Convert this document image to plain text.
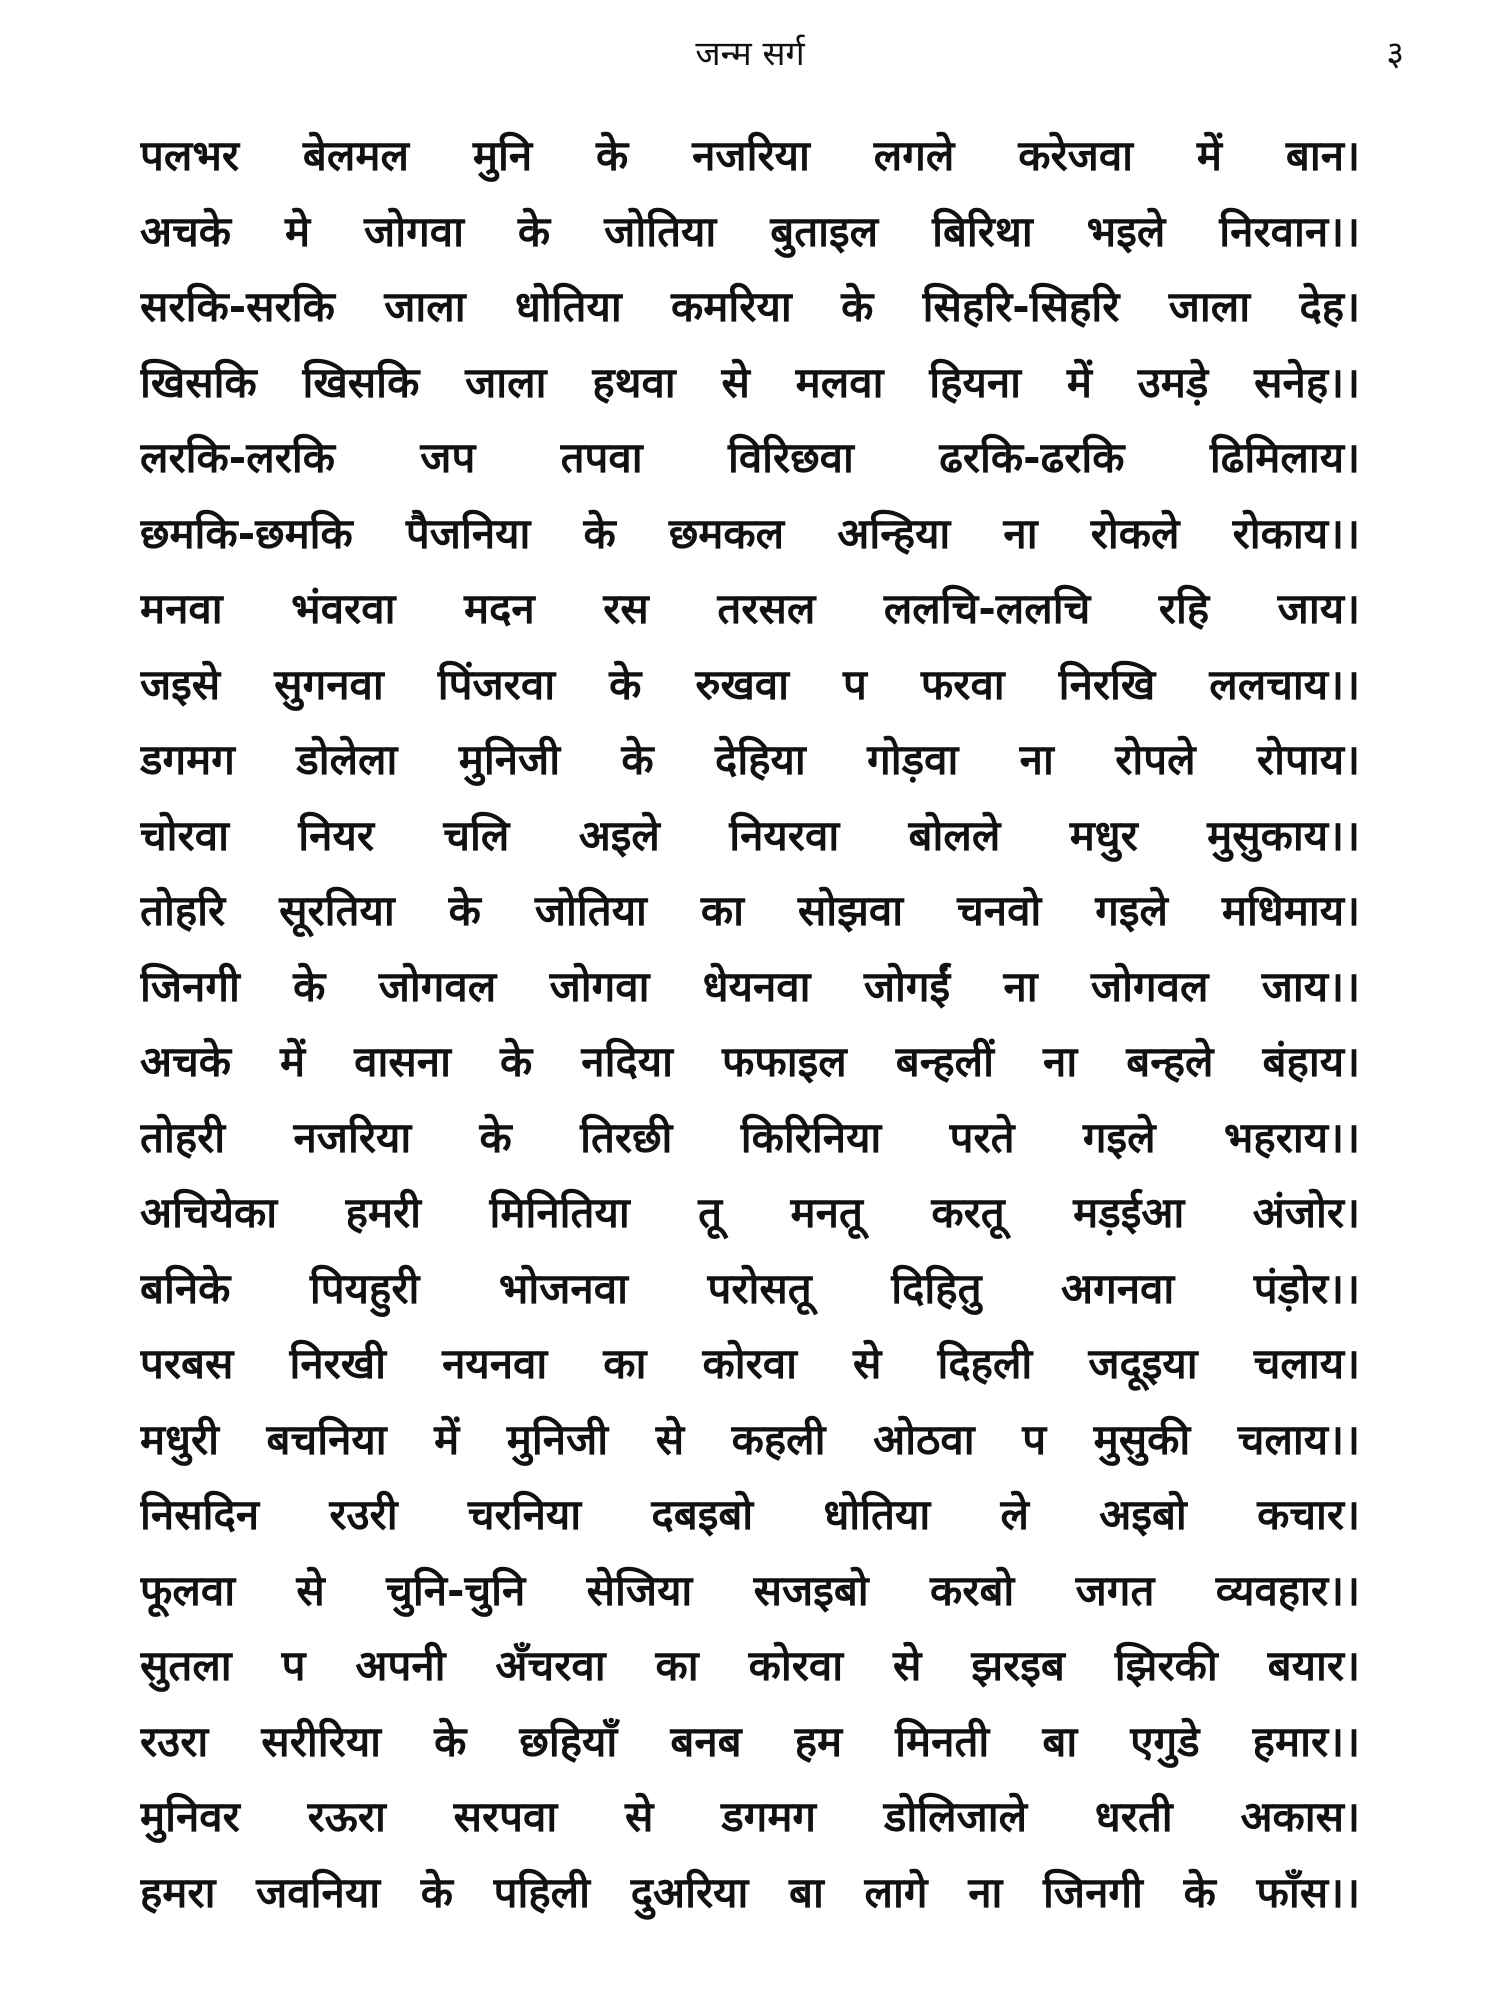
जन्म सर्ग	३
पलभर बेलमल मुनि के नजरिया लगले करेजवा में बान।
अचके मे जोगवा के जोतिया बुताइल बिरिथा भइले निरवान।।
सरकि-सरकि जाला धोतिया कमरिया के सिहरि-सिहरि जाला देह।
खिसकि खिसकि जाला हथवा से मलवा हियना में उमड़े सनेह।।
लरकि-लरकि जप तपवा विरिछवा ढरकि-ढरकि ढिमिलाय।
छमकि-छमकि पैजनिया के छमकल अन्हिया ना रोकले रोकाय।।
मनवा भंवरवा मदन रस तरसल ललचि-ललचि रहि जाय।
जइसे सुगनवा पिंजरवा के रुखवा प फरवा निरखि ललचाय।।
डगमग डोलेला मुनिजी के देहिया गोड़वा ना रोपले रोपाय।
चोरवा नियर चलि अइले नियरवा बोलले मधुर मुसुकाय।।
तोहरि सूरतिया के जोतिया का सोझवा चनवो गइले मधिमाय।
जिनगी के जोगवल जोगवा धेयनवा जोगईं ना जोगवल जाय।।
अचके में वासना के नदिया फफाइल बन्हलीं ना बन्हले बंहाय।
तोहरी नजरिया के तिरछी किरिनिया परते गइले भहराय।।
अचियेका हमरी मिनितिया तू मनतू करतू मड़ईआ अंजोर।
बनिके पियहुरी भोजनवा परोसतू दिहितु अगनवा पंड़ोर।।
परबस निरखी नयनवा का कोरवा से दिहली जदूइया चलाय।
मधुरी बचनिया में मुनिजी से कहली ओठवा प मुसुकी चलाय।।
निसदिन रउरी चरनिया दबइबो धोतिया ले अइबो कचार।
फूलवा से चुनि-चुनि सेजिया सजइबो करबो जगत व्यवहार।।
सुतला प अपनी अँचरवा का कोरवा से झरइब झिरकी बयार।
रउरा सरीरिया के छहियाँ बनब हम मिनती बा एगुडे हमार।।
मुनिवर रऊरा सरपवा से डगमग डोलिजाले धरती अकास।
हमरा जवनिया के पहिली दुअरिया बा लागे ना जिनगी के फाँस।।
